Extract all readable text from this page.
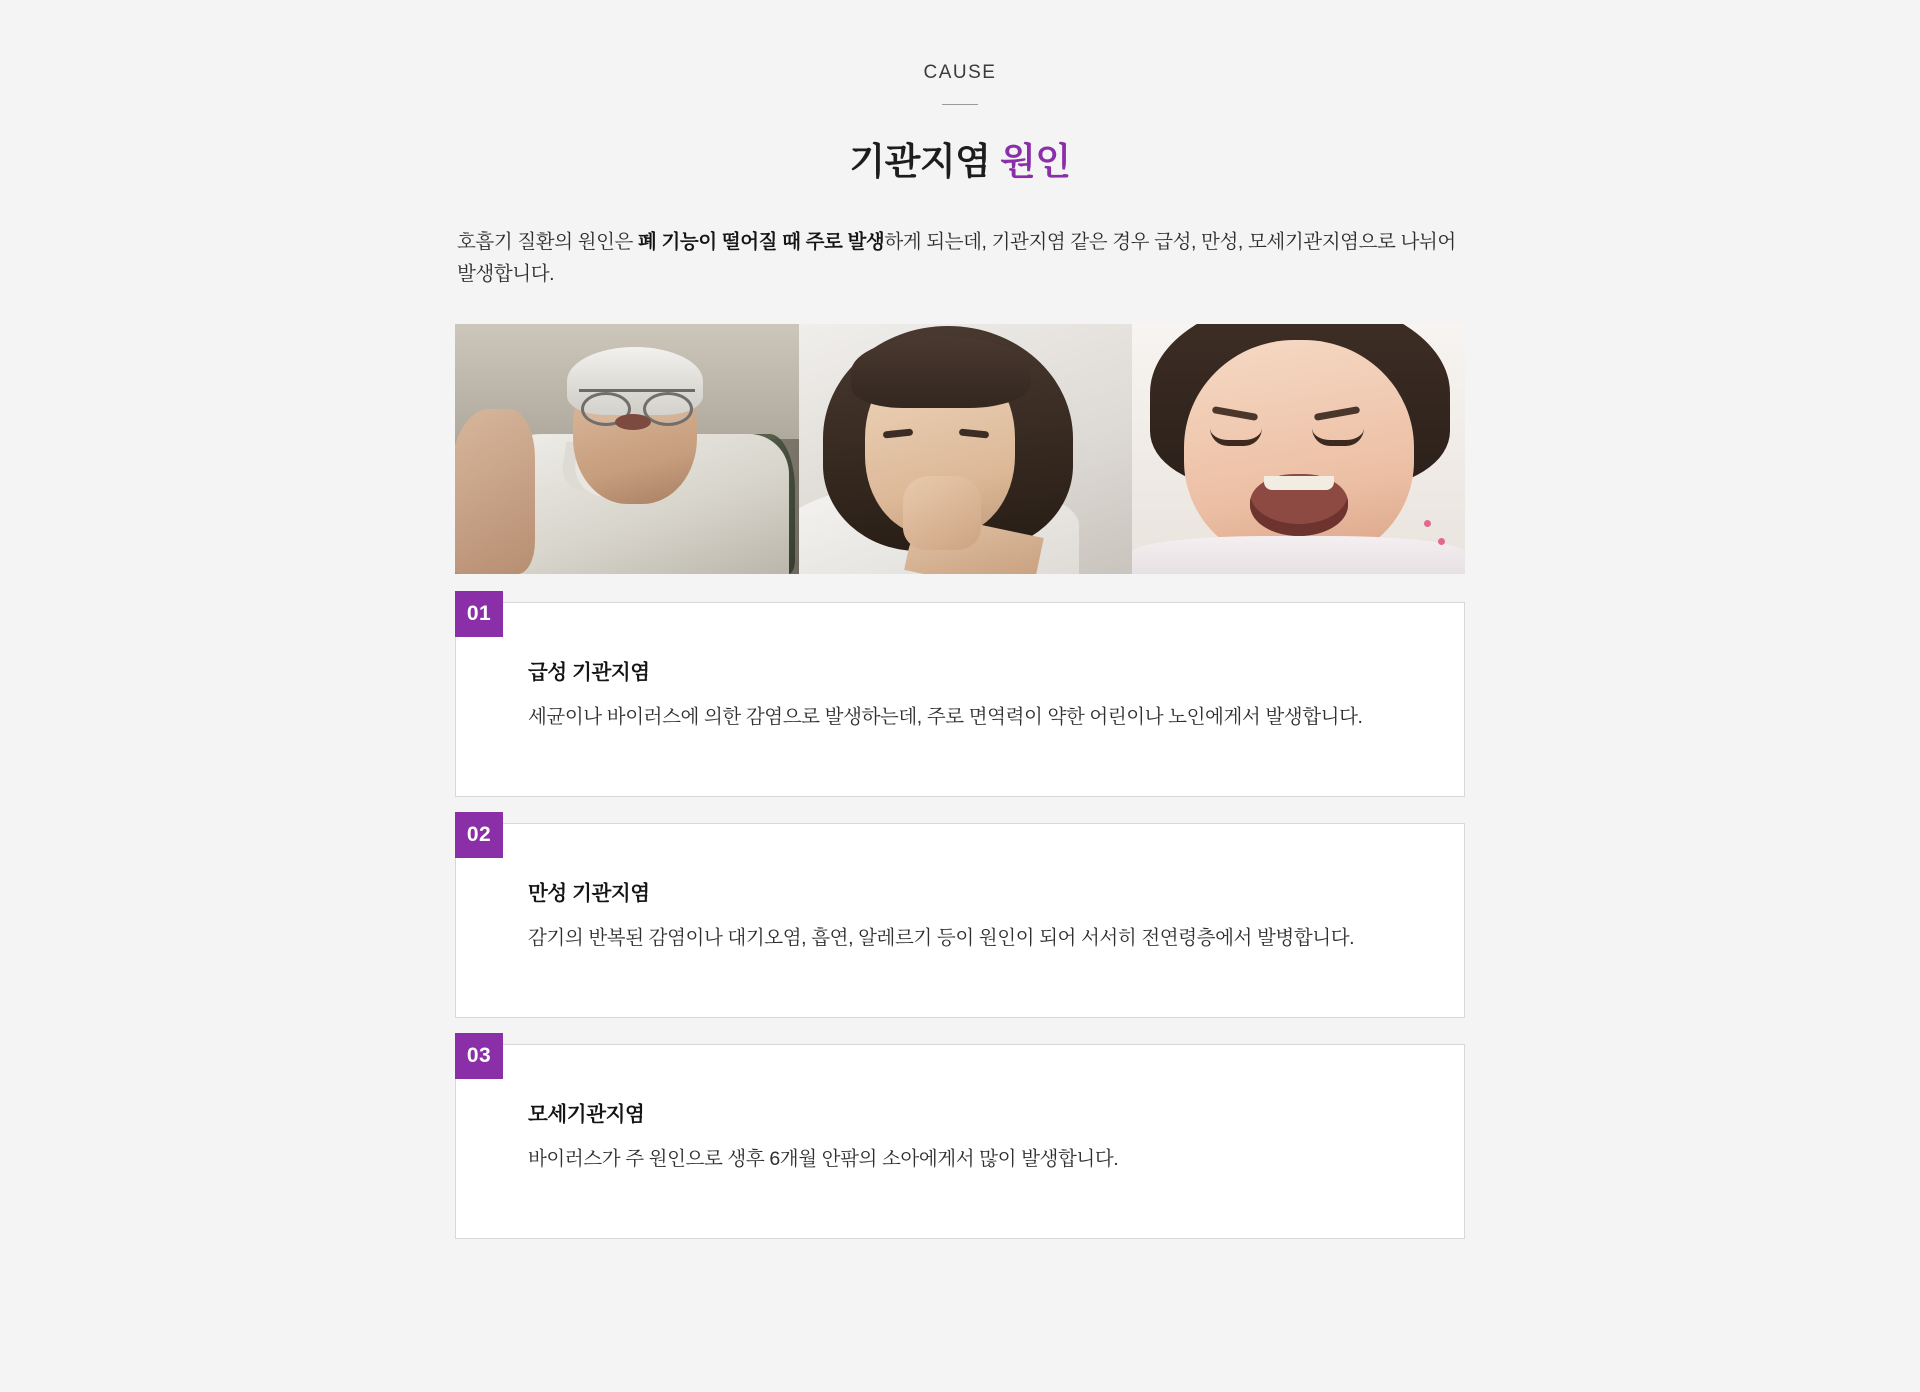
CAUSE
기관지염 원인

호흡기 질환의 원인은 폐 기능이 떨어질 때 주로 발생하게 되는데, 기관지염 같은 경우 급성, 만성, 모세기관지염으로 나뉘어 발생합니다.

01
급성 기관지염
세균이나 바이러스에 의한 감염으로 발생하는데, 주로 면역력이 약한 어린이나 노인에게서 발생합니다.
02
만성 기관지염
감기의 반복된 감염이나 대기오염, 흡연, 알레르기 등이 원인이 되어 서서히 전연령층에서 발병합니다.
03
모세기관지염
바이러스가 주 원인으로 생후 6개월 안팎의 소아에게서 많이 발생합니다.
